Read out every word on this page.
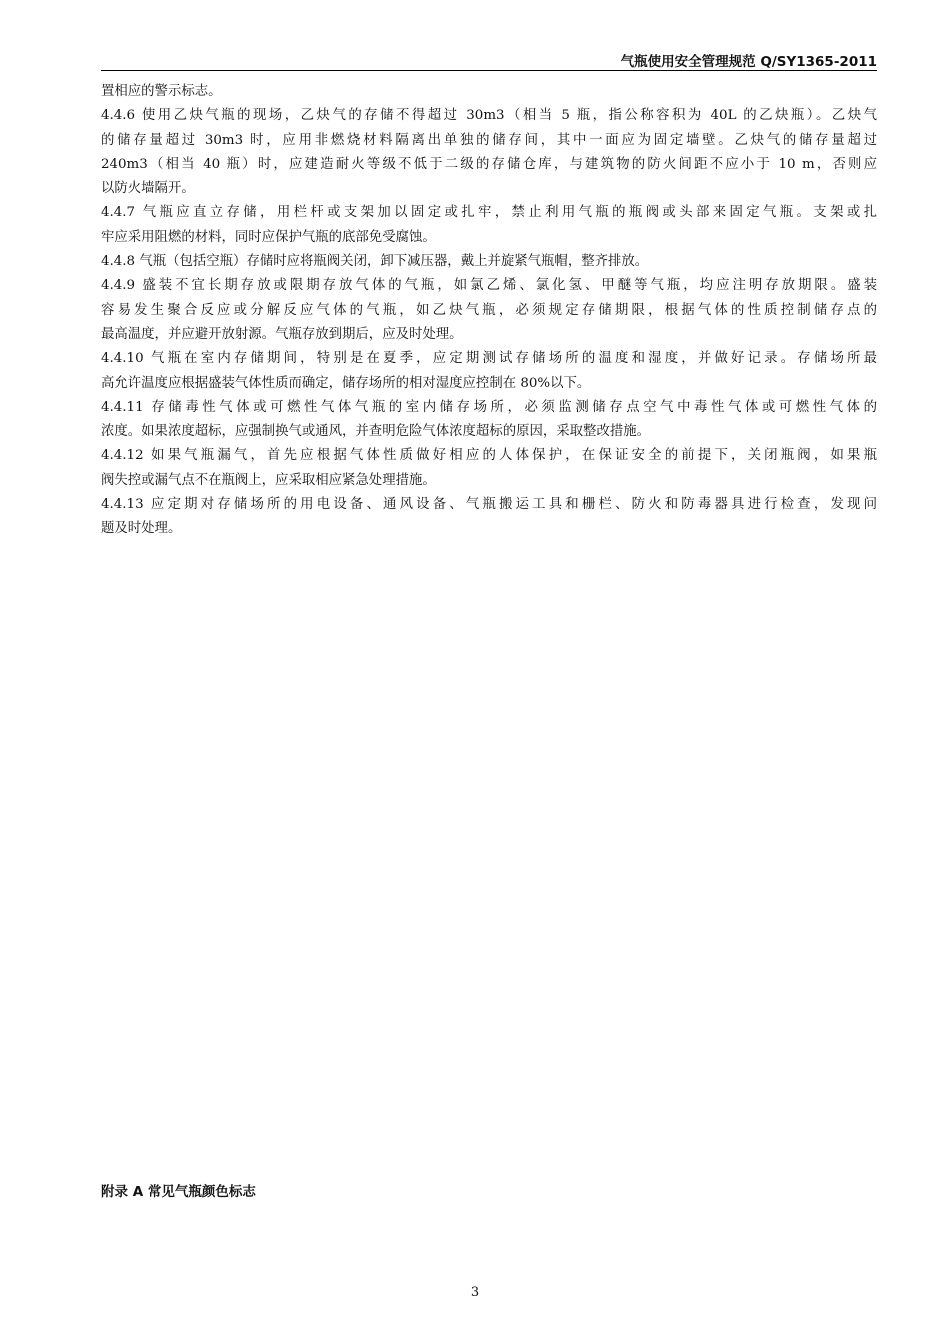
气瓶使用安全管理规范 Q/SY1365-2011
置相应的警示标志。
4.4.6 使用乙炔气瓶的现场，乙炔气的存储不得超过 30m3（相当 5 瓶，指公称容积为 40L 的乙炔瓶）。乙炔气
的储存量超过 30m3 时，应用非燃烧材料隔离出单独的储存间，其中一面应为固定墙壁。乙炔气的储存量超过
240m3（相当 40 瓶）时，应建造耐火等级不低于二级的存储仓库，与建筑物的防火间距不应小于 10 m，否则应
以防火墙隔开。
4.4.7 气瓶应直立存储，用栏杆或支架加以固定或扎牢，禁止利用气瓶的瓶阀或头部来固定气瓶。支架或扎
牢应采用阻燃的材料，同时应保护气瓶的底部免受腐蚀。
4.4.8 气瓶（包括空瓶）存储时应将瓶阀关闭，卸下减压器，戴上并旋紧气瓶帽，整齐排放。
4.4.9 盛装不宜长期存放或限期存放气体的气瓶，如氯乙烯、氯化氢、甲醚等气瓶，均应注明存放期限。盛装
容易发生聚合反应或分解反应气体的气瓶，如乙炔气瓶，必须规定存储期限，根据气体的性质控制储存点的
最高温度，并应避开放射源。气瓶存放到期后，应及时处理。
4.4.10 气瓶在室内存储期间，特别是在夏季，应定期测试存储场所的温度和湿度，并做好记录。存储场所最
高允许温度应根据盛装气体性质而确定，储存场所的相对湿度应控制在 80%以下。
4.4.11 存储毒性气体或可燃性气体气瓶的室内储存场所，必须监测储存点空气中毒性气体或可燃性气体的
浓度。如果浓度超标，应强制换气或通风，并查明危险气体浓度超标的原因，采取整改措施。
4.4.12 如果气瓶漏气，首先应根据气体性质做好相应的人体保护，在保证安全的前提下，关闭瓶阀，如果瓶
阀失控或漏气点不在瓶阀上，应采取相应紧急处理措施。
4.4.13 应定期对存储场所的用电设备、通风设备、气瓶搬运工具和栅栏、防火和防毒器具进行检查，发现问
题及时处理。
附录 A 常见气瓶颜色标志
3
